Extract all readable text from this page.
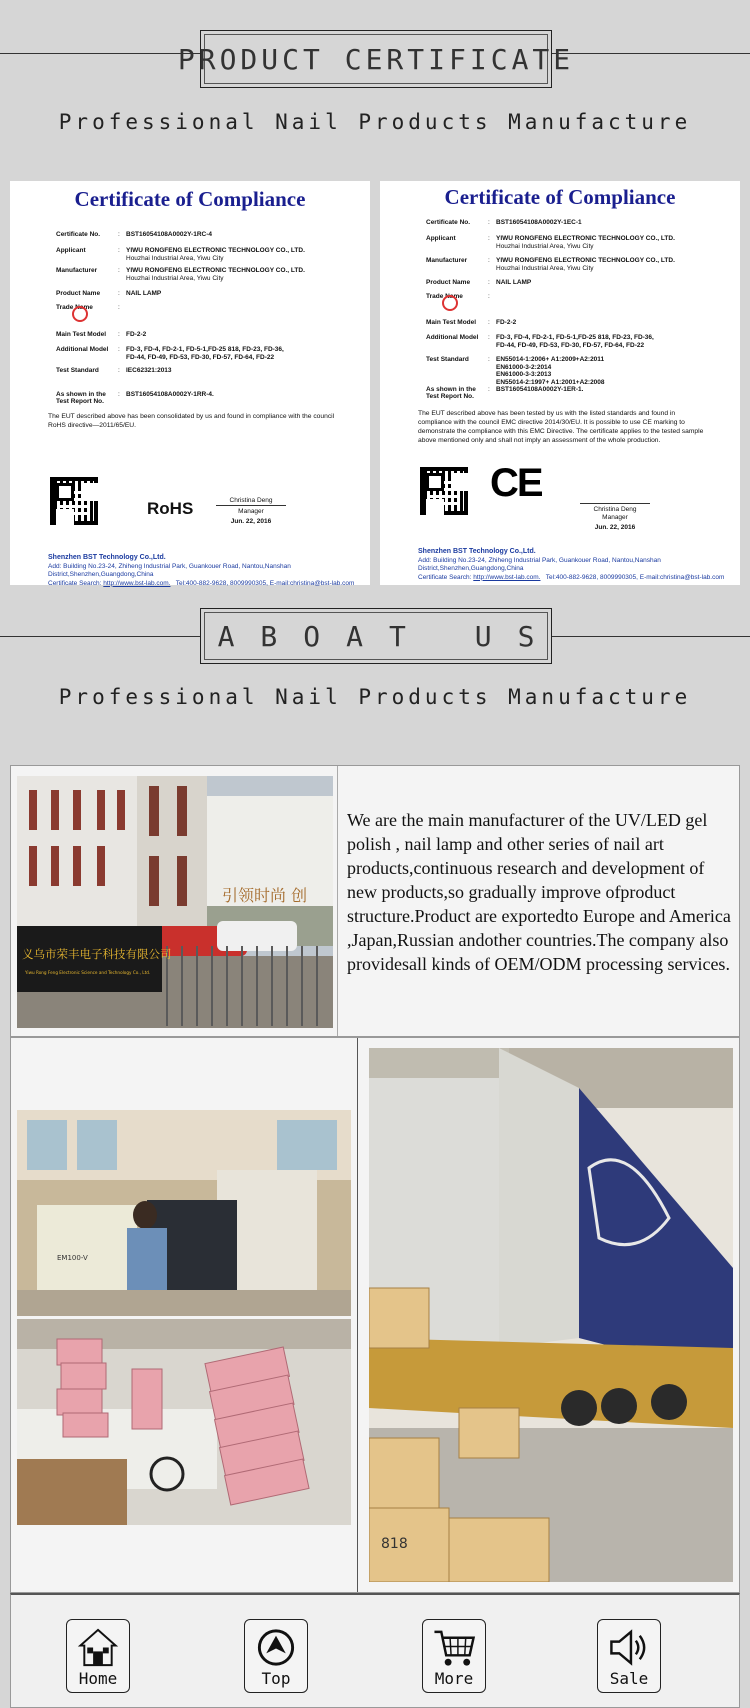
PRODUCT CERTIFICATE
Professional Nail Products Manufacture
Certificate of Compliance
Certificate No.	: BST16054108A0002Y-1RC-4
Applicant	: YIWU RONGFENG ELECTRONIC TECHNOLOGY CO., LTD.
Houzhai Industrial Area, Yiwu City
Manufacturer	: YIWU RONGFENG ELECTRONIC TECHNOLOGY CO., LTD.
Houzhai Industrial Area, Yiwu City
Product Name	: NAIL LAMP
Trade Name	:
Main Test Model	: FD-2-2
Additional Model	: FD-3, FD-4, FD-2-1, FD-5-1,FD-25 818, FD-23, FD-36,
FD-44, FD-49, FD-53, FD-30, FD-57, FD-64, FD-22
Test Standard	: IEC62321:2013
As shown in the Test Report No.
: BST16054108A0002Y-1RR-4.
The EUT described above has been consolidated by us and found in compliance with the council RoHS directive—2011/65/EU.
RoHS	Christina Deng
Manager
Jun. 22, 2016
Shenzhen BST Technology Co.,Ltd.
Add: Building No.23-24, Zhiheng Industrial Park, Guankouer Road, Nantou,Nanshan District,Shenzhen,Guangdong,China
Certificate Search: http://www.bst-lab.com. Tel:400-882-9628, 8009990305, E-mail:christina@bst-lab.com
Certificate of Compliance
Certificate No.	: BST16054108A0002Y-1EC-1
Applicant	: YIWU RONGFENG ELECTRONIC TECHNOLOGY CO., LTD.
Houzhai Industrial Area, Yiwu City
Manufacturer	: YIWU RONGFENG ELECTRONIC TECHNOLOGY CO., LTD.
Houzhai Industrial Area, Yiwu City
Product Name	: NAIL LAMP
Trade Name	:
Main Test Model	: FD-2-2
Additional Model	: FD-3, FD-4, FD-2-1, FD-5-1,FD-25 818, FD-23, FD-36,
FD-44, FD-49, FD-53, FD-30, FD-57, FD-64, FD-22
Test Standard	: EN55014-1:2006+ A1:2009+A2:2011
EN61000-3-2:2014
EN61000-3-3:2013
EN55014-2:1997+ A1:2001+A2:2008
As shown in the Test Report No.
: BST16054108A0002Y-1ER-1.
The EUT described above has been tested by us with the listed standards and found in compliance with the council EMC directive 2014/30/EU. It is possible to use CE marking to demonstrate the compliance with this EMC Directive. The certificate applies to the tested sample above mentioned only and shall not imply an assessment of the whole production.
CE
Christina Deng
Manager
Jun. 22, 2016
Shenzhen BST Technology Co.,Ltd.
Add: Building No.23-24, Zhiheng Industrial Park, Guankouer Road, Nantou,Nanshan District,Shenzhen,Guangdong,China
Certificate Search: http://www.bst-lab.com. Tel:400-882-9628, 8009990305, E-mail:christina@bst-lab.com
ABOAT US
Professional Nail Products Manufacture
引领时尚 创
义乌市荣丰电子科技有限公司
Yiwu Rong Feng Electronic Science and Technology Co., Ltd.
We are the main manufacturer of the UV/LED gel polish , nail lamp and other series of nail art products,continuous research and development of new products,so gradually improve ofproduct structure.Product are exportedto Europe and America ,Japan,Russian andother countries.The company also providesall kinds of OEM/ODM processing services.
EM100-V
818
Home	Top	More	Sale
